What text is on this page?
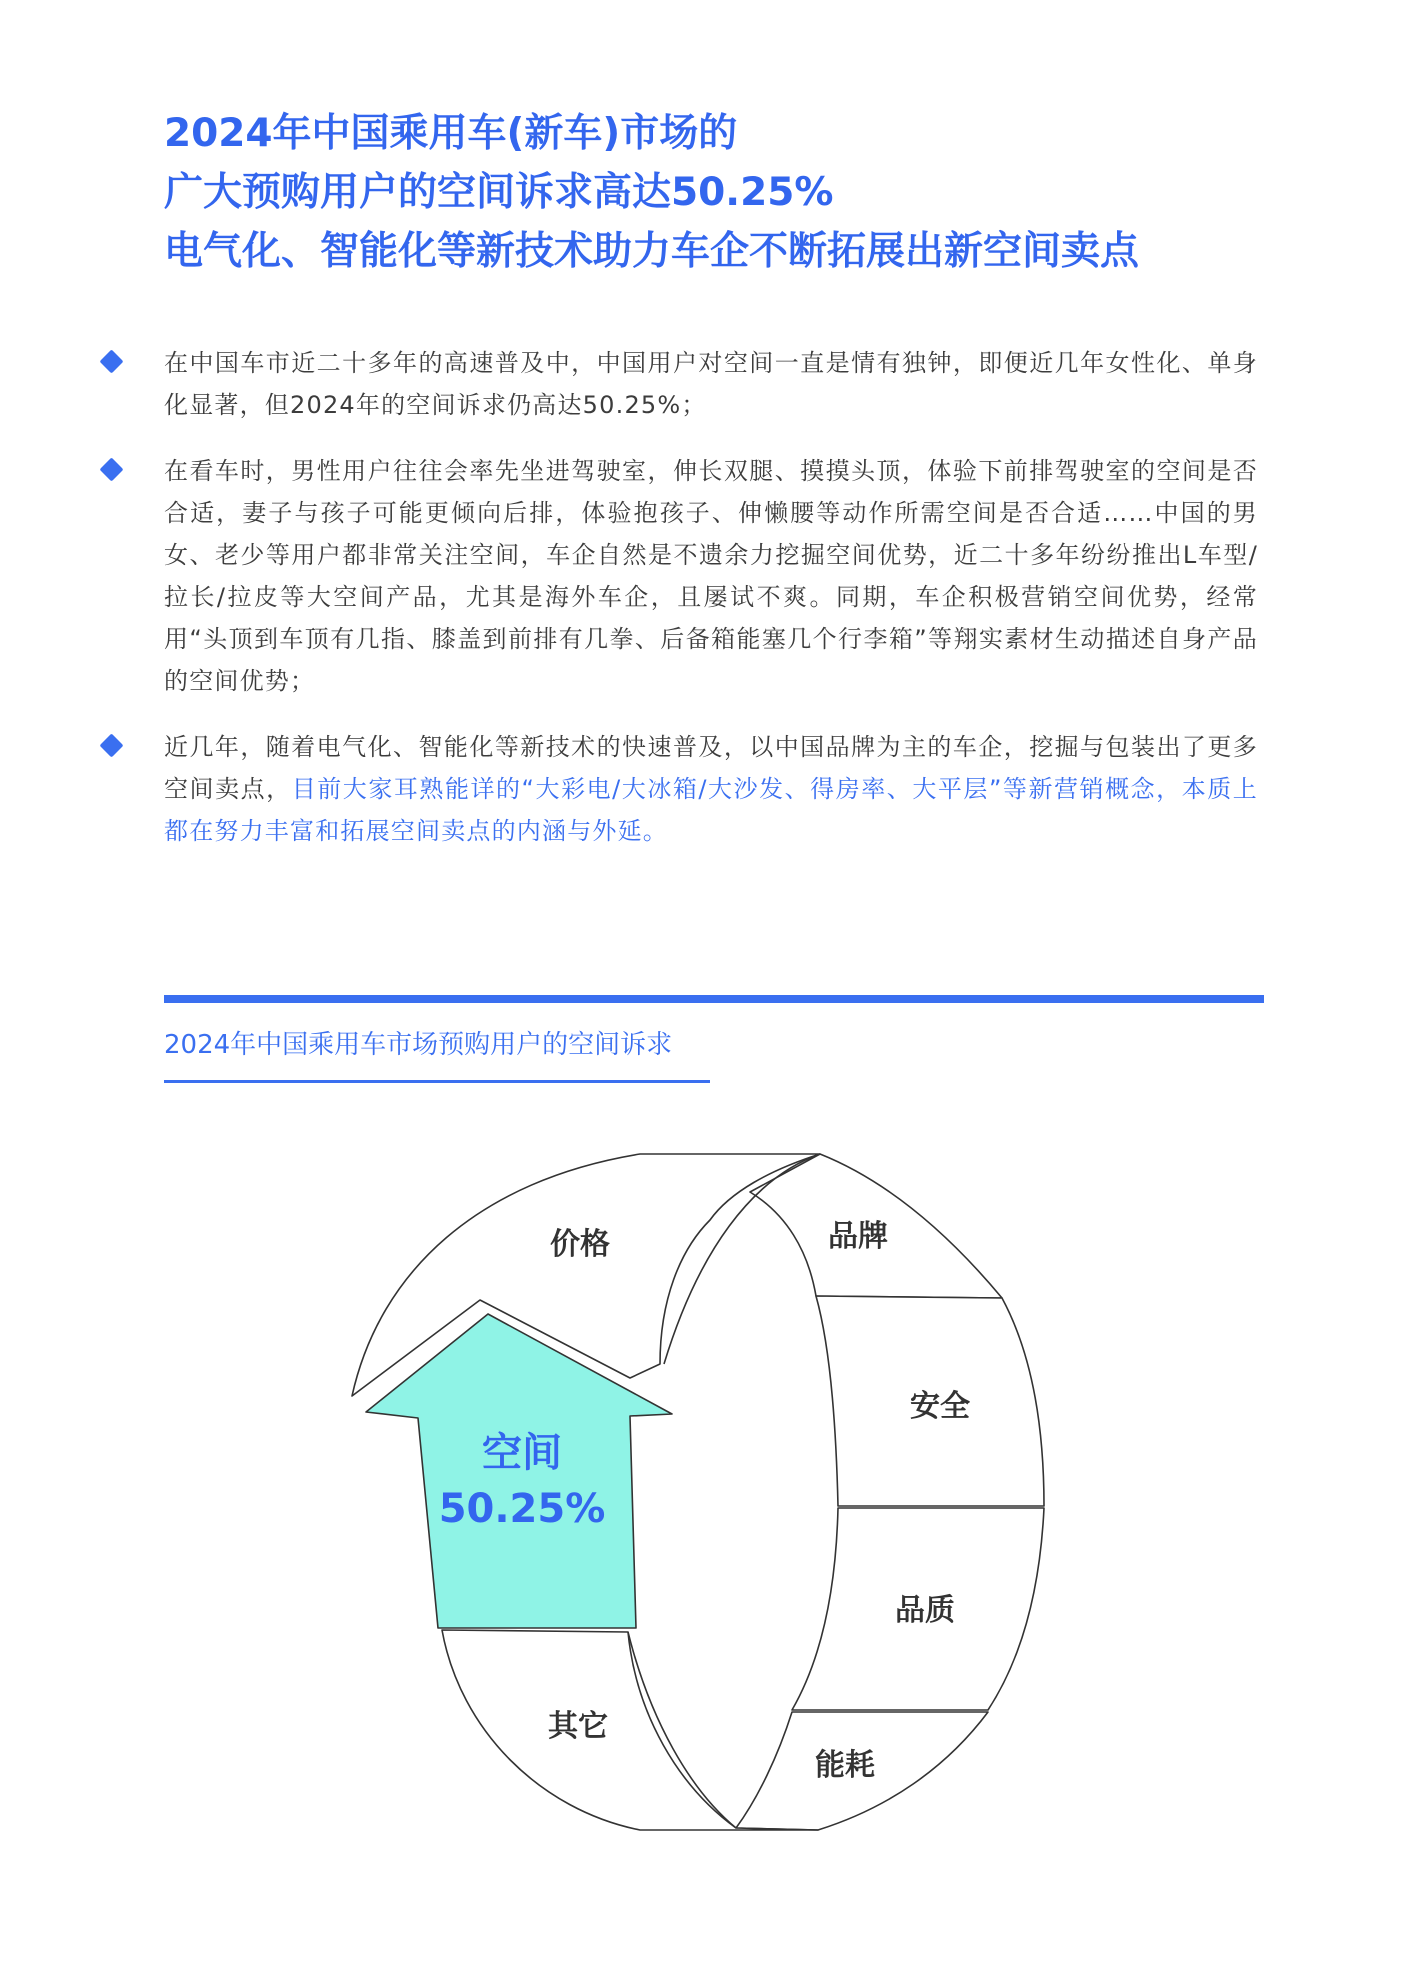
2024年中国乘用车(新车)市场的
广大预购用户的空间诉求高达50.25%
电气化、智能化等新技术助力车企不断拓展出新空间卖点

在中国车市近二十多年的高速普及中，中国用户对空间一直是情有独钟，即便近几年女性化、单身化显著，但2024年的空间诉求仍高达50.25%；

在看车时，男性用户往往会率先坐进驾驶室，伸长双腿、摸摸头顶，体验下前排驾驶室的空间是否合适，妻子与孩子可能更倾向后排，体验抱孩子、伸懒腰等动作所需空间是否合适……中国的男女、老少等用户都非常关注空间，车企自然是不遗余力挖掘空间优势，近二十多年纷纷推出L车型/拉长/拉皮等大空间产品，尤其是海外车企，且屡试不爽。同期，车企积极营销空间优势，经常用“头顶到车顶有几指、膝盖到前排有几拳、后备箱能塞几个行李箱”等翔实素材生动描述自身产品的空间优势；

近几年，随着电气化、智能化等新技术的快速普及，以中国品牌为主的车企，挖掘与包装出了更多空间卖点，目前大家耳熟能详的“大彩电/大冰箱/大沙发、得房率、大平层”等新营销概念，本质上都在努力丰富和拓展空间卖点的内涵与外延。

2024年中国乘用车市场预购用户的空间诉求
价格	品牌
安全
品质
能耗
其它
空间
50.25%
